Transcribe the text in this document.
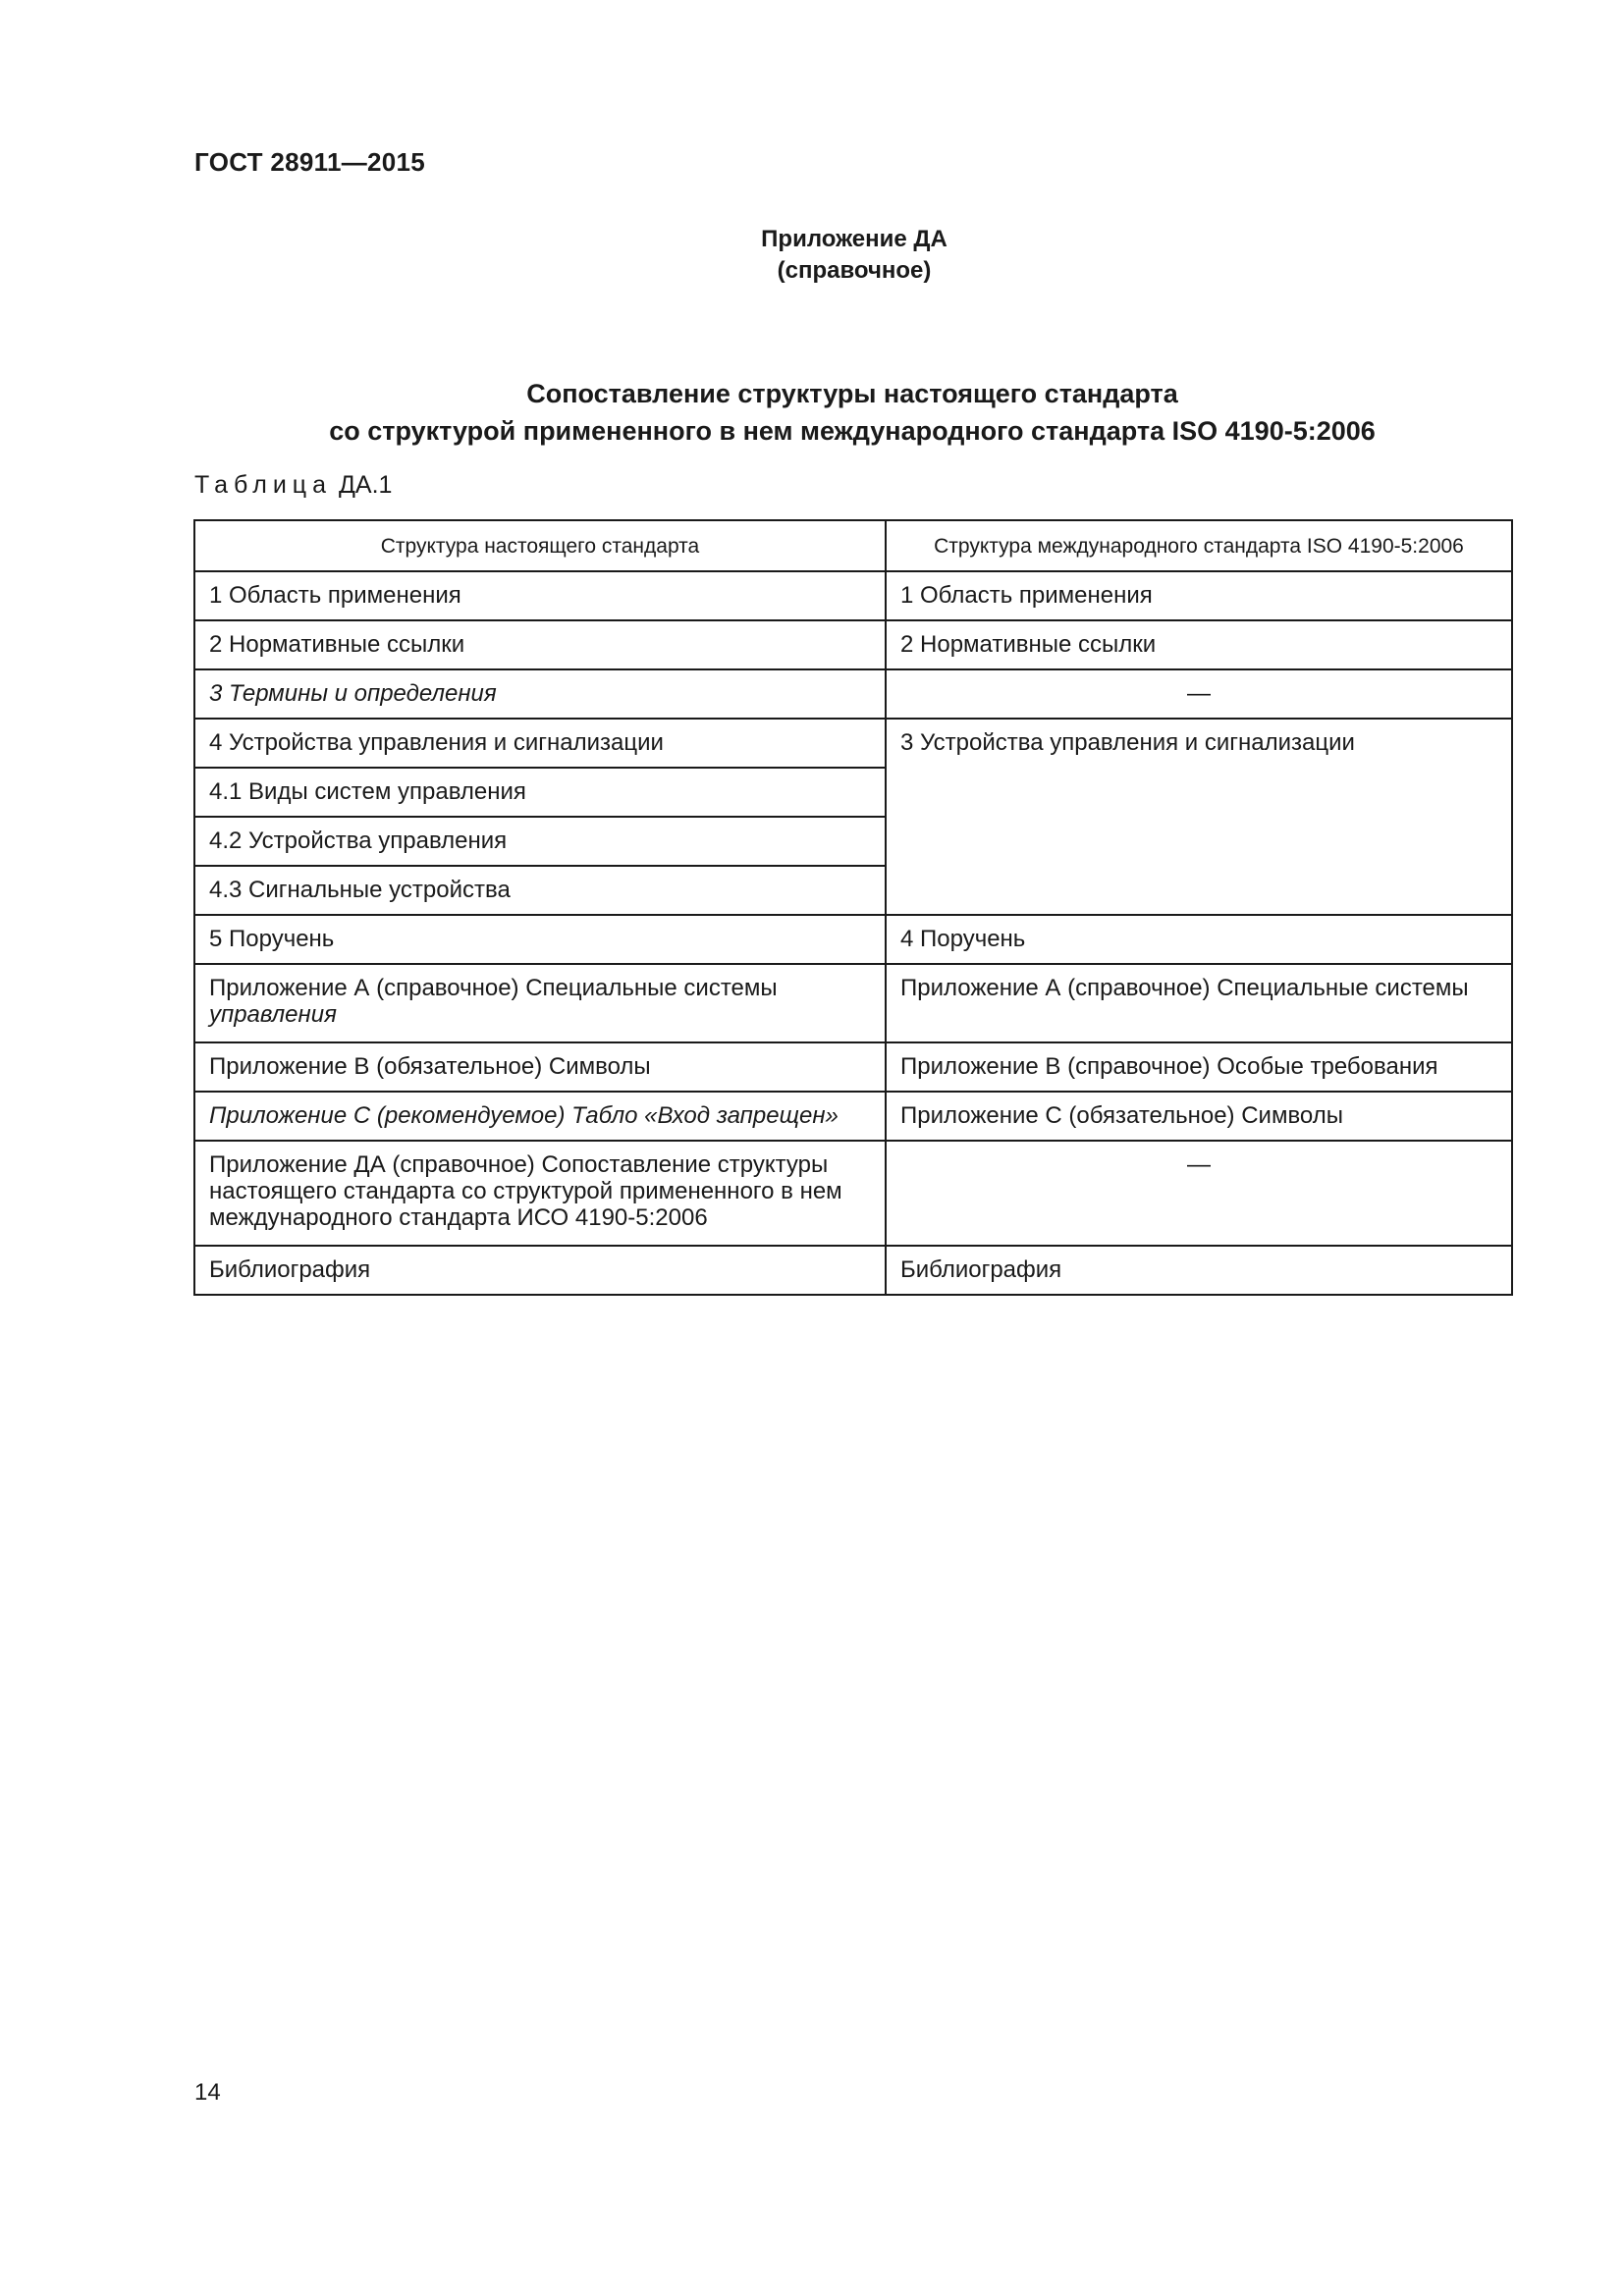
ГОСТ 28911—2015
Приложение ДА
(справочное)
Сопоставление структуры настоящего стандарта
со структурой примененного в нем международного стандарта ISO 4190-5:2006
Таблица ДА.1
Структура настоящего стандарта	Структура международного стандарта ISO 4190-5:2006
1 Область применения	1 Область применения
2 Нормативные ссылки	2 Нормативные ссылки
3 Термины и определения	—
4 Устройства управления и сигнализации	3 Устройства управления и сигнализации
4.1 Виды систем управления	
4.2 Устройства управления	
4.3 Сигнальные устройства	
5 Поручень	4 Поручень

Приложение А (справочное) Специальные системы
управления	Приложение А (справочное) Специальные системы
Приложение В (обязательное) Символы	Приложение В (справочное) Особые требования
Приложение С (рекомендуемое) Табло «Вход запрещен»	Приложение С (обязательное) Символы

Приложение ДА (справочное) Сопоставление структуры
настоящего стандарта со структурой примененного в нем
международного стандарта ИСО 4190-5:2006	—
Библиография	Библиография
14
